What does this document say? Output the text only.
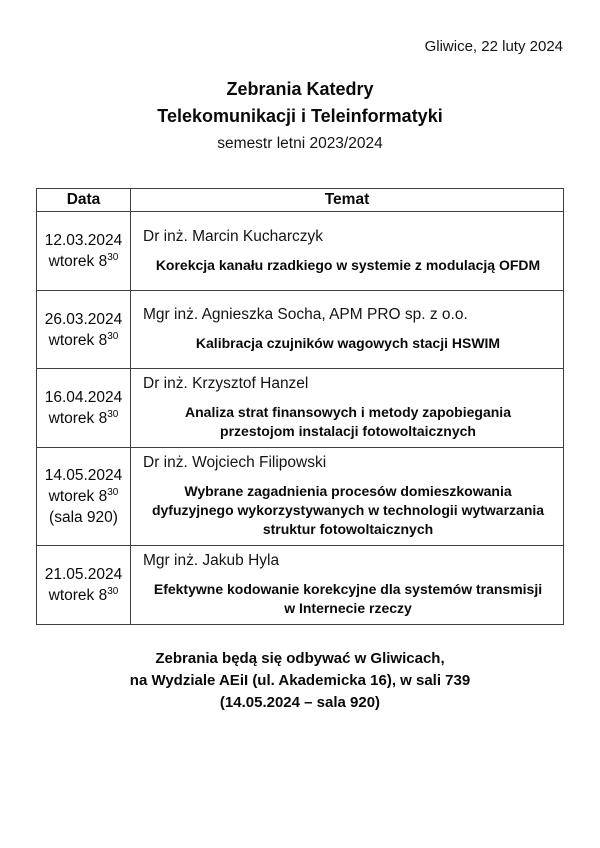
Gliwice, 22 luty 2024
Zebrania Katedry
Telekomunikacji i Teleinformatyki
semestr letni 2023/2024
Data	Temat
12.03.2024
wtorek $8^{30}$	
Dr inż. Marcin Kucharczyk
Korekcja kanału rzadkiego w systemie z modulacją OFDM

26.03.2024
wtorek $8^{30}$	
Mgr inż. Agnieszka Socha, APM PRO sp. z o.o.
Kalibracja czujników wagowych stacji HSWIM

16.04.2024
wtorek $8^{30}$	
Dr inż. Krzysztof Hanzel
Analiza strat finansowych i metody zapobiegania przestojom instalacji fotowoltaicznych

14.05.2024
wtorek $8^{30}$
(sala 920)	
Dr inż. Wojciech Filipowski
Wybrane zagadnienia procesów domieszkowania dyfuzyjnego wykorzystywanych w technologii wytwarzania struktur fotowoltaicznych

21.05.2024
wtorek $8^{30}$	
Mgr inż. Jakub Hyla
Efektywne kodowanie korekcyjne dla systemów transmisji w Internecie rzeczy
Zebrania będą się odbywać w Gliwicach,
na Wydziale AEiI (ul. Akademicka 16), w sali 739
(14.05.2024 – sala 920)
